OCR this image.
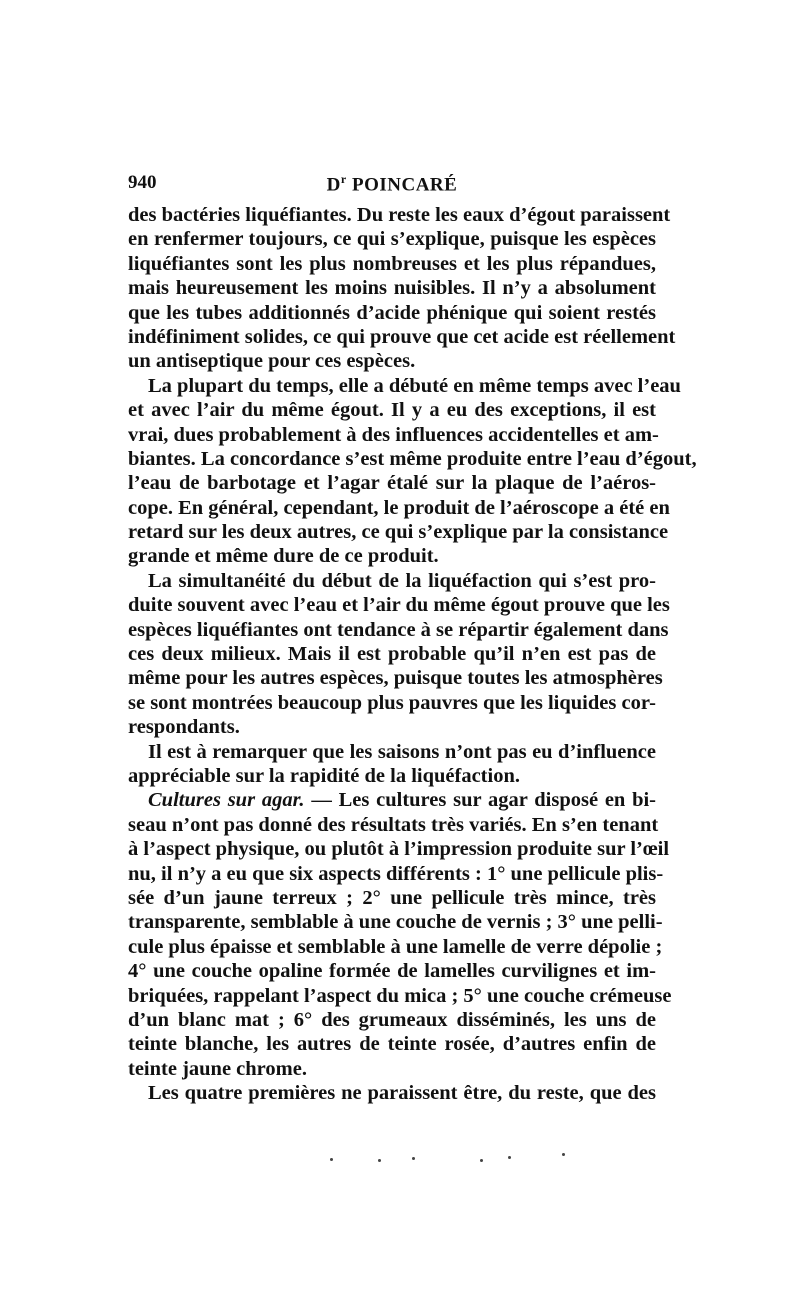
940	$D^r$ POINCARÉ
des bactéries liquéfiantes. Du reste les eaux d’égout paraissent
en renfermer toujours, ce qui s’explique, puisque les espèces
liquéfiantes sont les plus nombreuses et les plus répandues,
mais heureusement les moins nuisibles. Il n’y a absolument
que les tubes additionnés d’acide phénique qui soient restés
indéfiniment solides, ce qui prouve que cet acide est réellement
un antiseptique pour ces espèces.
La plupart du temps, elle a débuté en même temps avec l’eau
et avec l’air du même égout. Il y a eu des exceptions, il est
vrai, dues probablement à des influences accidentelles et am-
biantes. La concordance s’est même produite entre l’eau d’égout,
l’eau de barbotage et l’agar étalé sur la plaque de l’aéros-
cope. En général, cependant, le produit de l’aéroscope a été en
retard sur les deux autres, ce qui s’explique par la consistance
grande et même dure de ce produit.
La simultanéité du début de la liquéfaction qui s’est pro-
duite souvent avec l’eau et l’air du même égout prouve que les
espèces liquéfiantes ont tendance à se répartir également dans
ces deux milieux. Mais il est probable qu’il n’en est pas de
même pour les autres espèces, puisque toutes les atmosphères
se sont montrées beaucoup plus pauvres que les liquides cor-
respondants.
Il est à remarquer que les saisons n’ont pas eu d’influence
appréciable sur la rapidité de la liquéfaction.
Cultures sur agar. — Les cultures sur agar disposé en bi-
seau n’ont pas donné des résultats très variés. En s’en tenant
à l’aspect physique, ou plutôt à l’impression produite sur l’œil
nu, il n’y a eu que six aspects différents : 1° une pellicule plis-
sée d’un jaune terreux ; 2° une pellicule très mince, très
transparente, semblable à une couche de vernis ; 3° une pelli-
cule plus épaisse et semblable à une lamelle de verre dépolie ;
4° une couche opaline formée de lamelles curvilignes et im-
briquées, rappelant l’aspect du mica ; 5° une couche crémeuse
d’un blanc mat ; 6° des grumeaux disséminés, les uns de
teinte blanche, les autres de teinte rosée, d’autres enfin de
teinte jaune chrome.
Les quatre premières ne paraissent être, du reste, que des
